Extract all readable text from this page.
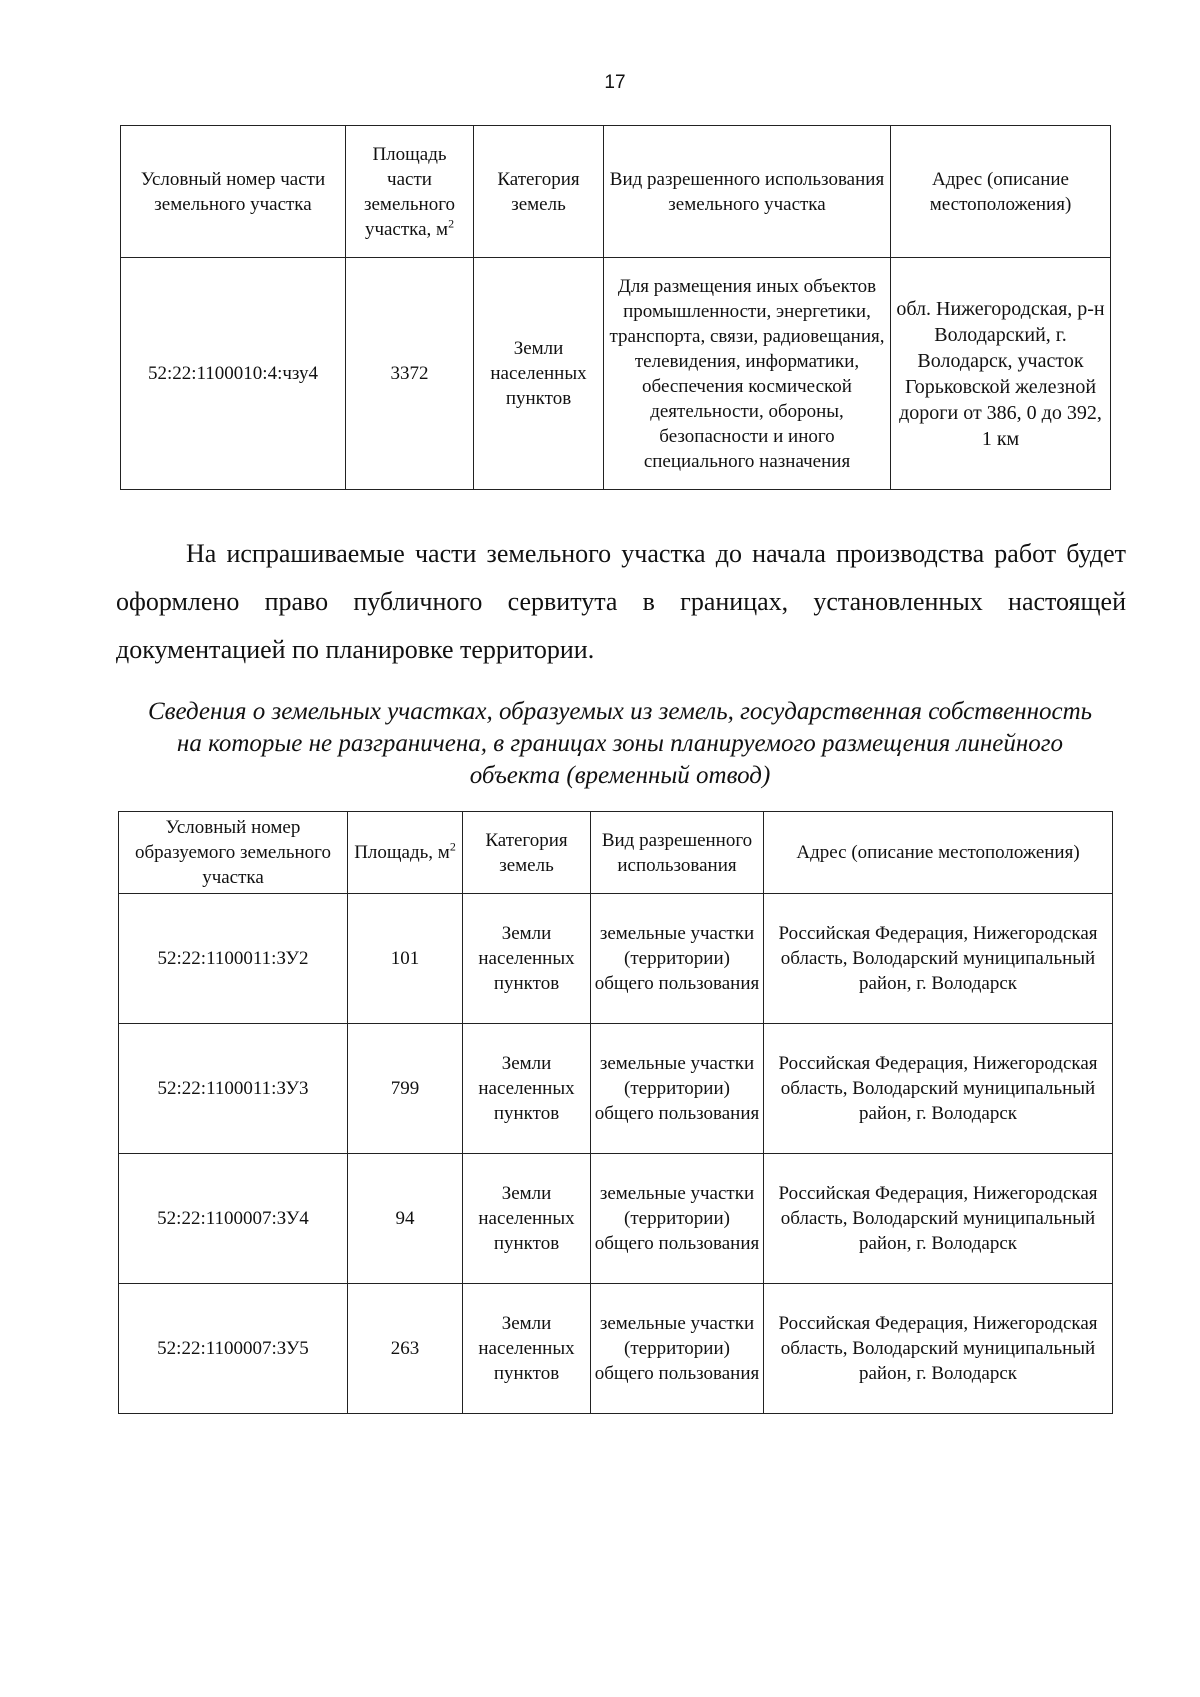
17
Условный номер части земельного участка	Площадь части земельного участка, $м^2$	Категория земель	Вид разрешенного использования земельного участка	Адрес (описание местоположения)
52:22:1100010:4:чзу4	3372	Земли населенных пунктов	Для размещения иных объектов промышленности, энергетики, транспорта, связи, радиовещания, телевидения, информатики, обеспечения космической деятельности, обороны, безопасности и иного специального назначения	обл. Нижегородская, р-н Володарский, г. Володарск, участок Горьковской железной дороги от 386, 0 до 392, 1 км

На испрашиваемые части земельного участка до начала производства работ будет оформлено право публичного сервитута в границах, установленных настоящей документацией по планировке территории.

Сведения о земельных участках, образуемых из земель, государственная собственность на которые не разграничена, в границах зоны планируемого размещения линейного объекта (временный отвод)

Условный номер образуемого земельного участка	Площадь, $м^2$	Категория земель	Вид разрешенного использования	Адрес (описание местоположения)
52:22:1100011:ЗУ2	101	Земли населенных пунктов	земельные участки (территории) общего пользования	Российская Федерация, Нижегородская область, Володарский муниципальный район, г. Володарск
52:22:1100011:ЗУ3	799	Земли населенных пунктов	земельные участки (территории) общего пользования	Российская Федерация, Нижегородская область, Володарский муниципальный район, г. Володарск
52:22:1100007:ЗУ4	94	Земли населенных пунктов	земельные участки (территории) общего пользования	Российская Федерация, Нижегородская область, Володарский муниципальный район, г. Володарск
52:22:1100007:ЗУ5	263	Земли населенных пунктов	земельные участки (территории) общего пользования	Российская Федерация, Нижегородская область, Володарский муниципальный район, г. Володарск
